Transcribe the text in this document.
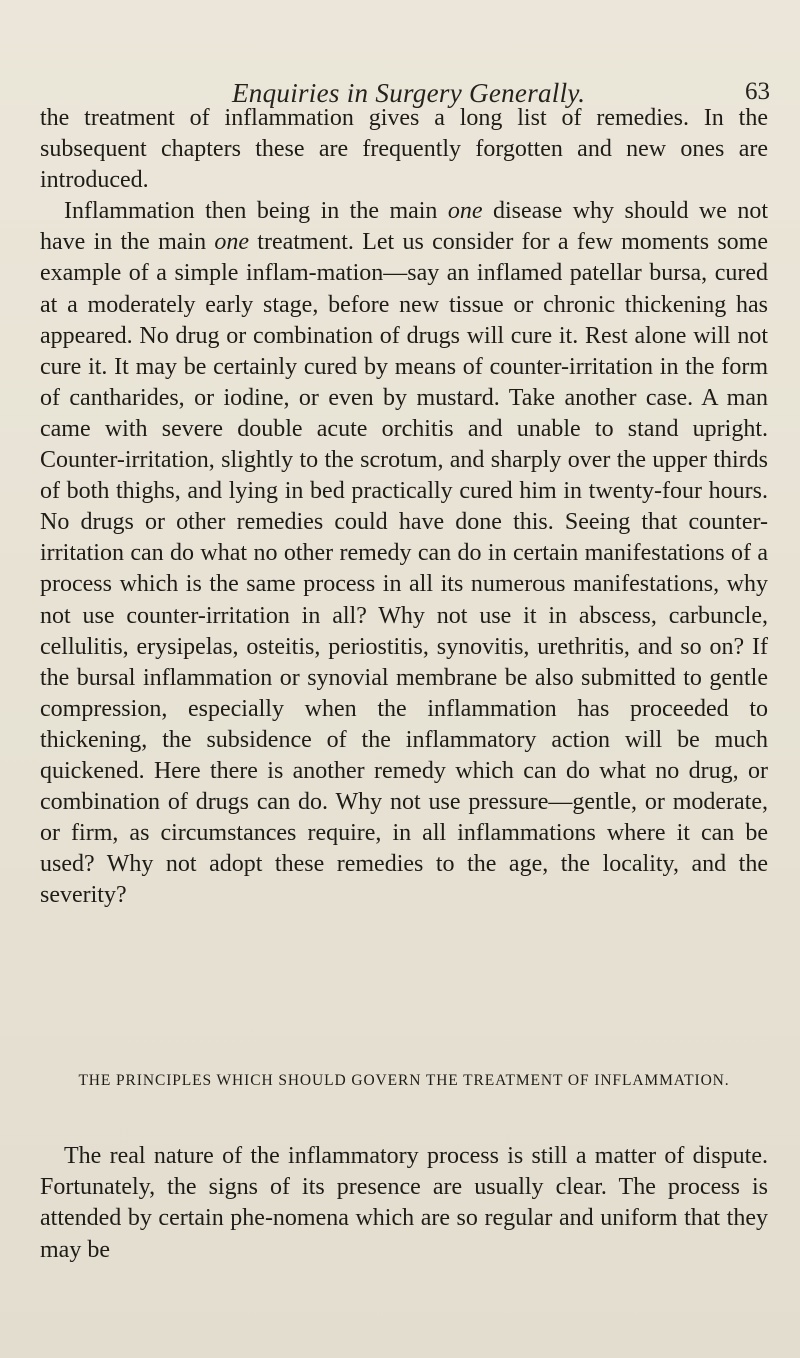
Enquiries in Surgery Generally.	63

the treatment of inflammation gives a long list of remedies. In the subsequent chapters these are frequently forgotten and new ones are introduced.

Inflammation then being in the main one disease why should we not have in the main one treatment. Let us consider for a few moments some example of a simple inflam-mation—say an inflamed patellar bursa, cured at a moderately early stage, before new tissue or chronic thickening has appeared. No drug or combination of drugs will cure it. Rest alone will not cure it. It may be certainly cured by means of counter-irritation in the form of cantharides, or iodine, or even by mustard. Take another case. A man came with severe double acute orchitis and unable to stand upright. Counter-irritation, slightly to the scrotum, and sharply over the upper thirds of both thighs, and lying in bed practically cured him in twenty-four hours. No drugs or other remedies could have done this. Seeing that counter-irritation can do what no other remedy can do in certain manifestations of a process which is the same process in all its numerous manifestations, why not use counter-irritation in all? Why not use it in abscess, carbuncle, cellulitis, erysipelas, osteitis, periostitis, synovitis, urethritis, and so on? If the bursal inflammation or synovial membrane be also submitted to gentle compression, especially when the inflammation has proceeded to thickening, the subsidence of the inflammatory action will be much quickened. Here there is another remedy which can do what no drug, or combination of drugs can do. Why not use pressure—gentle, or moderate, or firm, as circumstances require, in all inflammations where it can be used? Why not adopt these remedies to the age, the locality, and the severity?

THE PRINCIPLES WHICH SHOULD GOVERN THE TREATMENT OF INFLAMMATION.

The real nature of the inflammatory process is still a matter of dispute. Fortunately, the signs of its presence are usually clear. The process is attended by certain phe-nomena which are so regular and uniform that they may be
